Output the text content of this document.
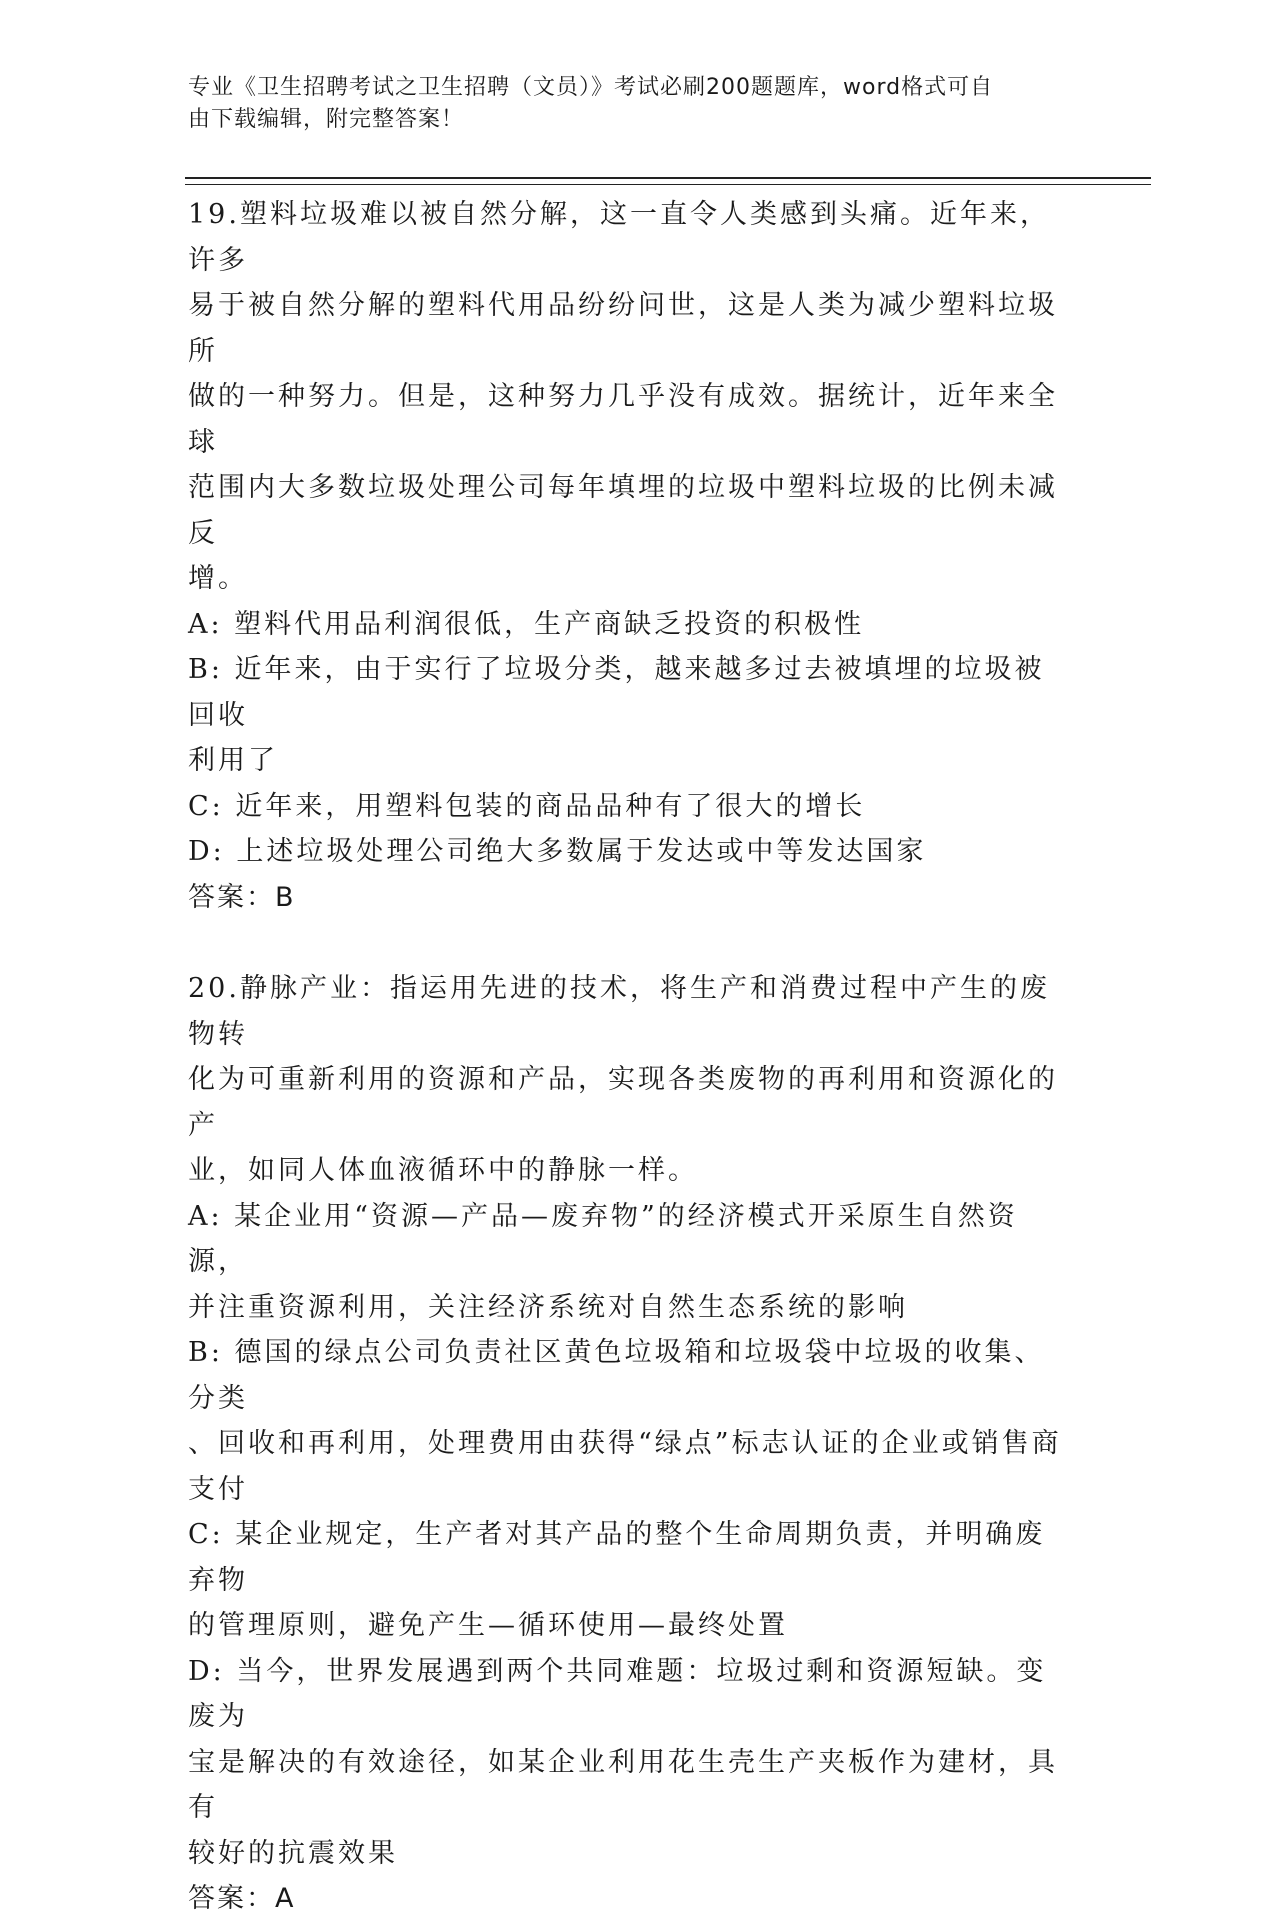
专业《卫生招聘考试之卫生招聘（文员）》考试必刷200题题库，word格式可自
由下载编辑，附完整答案！
19.塑料垃圾难以被自然分解，这一直令人类感到头痛。近年来，许多
易于被自然分解的塑料代用品纷纷问世，这是人类为减少塑料垃圾所
做的一种努力。但是，这种努力几乎没有成效。据统计，近年来全球
范围内大多数垃圾处理公司每年填埋的垃圾中塑料垃圾的比例未减反
增。
A: 塑料代用品利润很低，生产商缺乏投资的积极性
B: 近年来，由于实行了垃圾分类，越来越多过去被填埋的垃圾被回收
利用了
C: 近年来，用塑料包装的商品品种有了很大的增长
D: 上述垃圾处理公司绝大多数属于发达或中等发达国家
答案：B
20.静脉产业：指运用先进的技术，将生产和消费过程中产生的废物转
化为可重新利用的资源和产品，实现各类废物的再利用和资源化的产
业，如同人体血液循环中的静脉一样。
A: 某企业用“资源—产品—废弃物”的经济模式开采原生自然资源，
并注重资源利用，关注经济系统对自然生态系统的影响
B: 德国的绿点公司负责社区黄色垃圾箱和垃圾袋中垃圾的收集、分类
、回收和再利用，处理费用由获得“绿点”标志认证的企业或销售商
支付
C: 某企业规定，生产者对其产品的整个生命周期负责，并明确废弃物
的管理原则，避免产生—循环使用—最终处置
D: 当今，世界发展遇到两个共同难题：垃圾过剩和资源短缺。变废为
宝是解决的有效途径，如某企业利用花生壳生产夹板作为建材，具有
较好的抗震效果
答案：A
